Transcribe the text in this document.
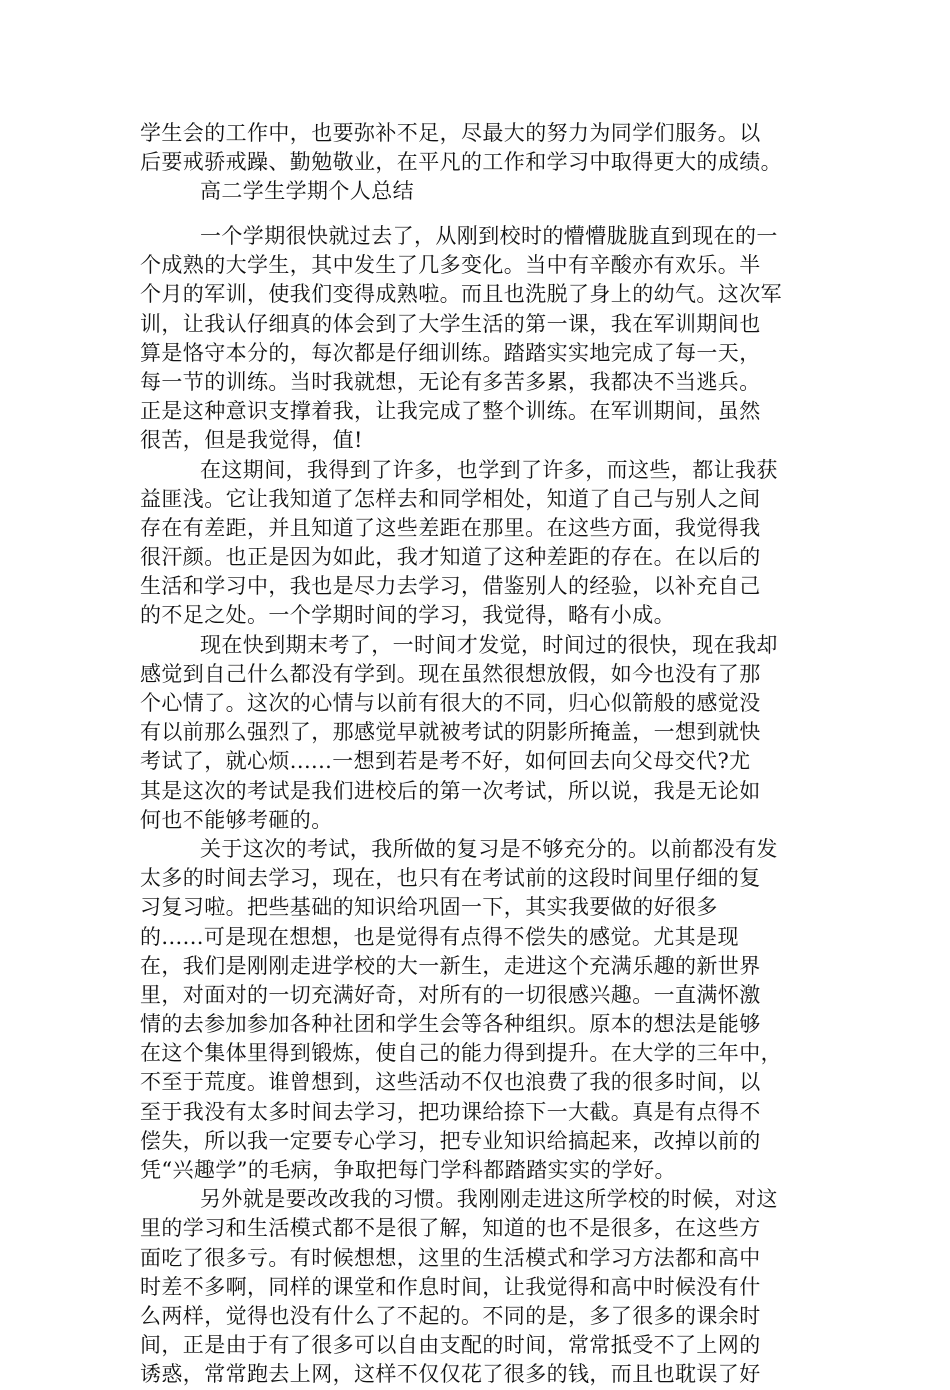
学生会的工作中，也要弥补不足，尽最大的努力为同学们服务。以
后要戒骄戒躁、勤勉敬业，在平凡的工作和学习中取得更大的成绩。
高二学生学期个人总结
一个学期很快就过去了，从刚到校时的懵懵胧胧直到现在的一
个成熟的大学生，其中发生了几多变化。当中有辛酸亦有欢乐。半
个月的军训，使我们变得成熟啦。而且也洗脱了身上的幼气。这次军
训，让我认仔细真的体会到了大学生活的第一课，我在军训期间也
算是恪守本分的，每次都是仔细训练。踏踏实实地完成了每一天，
每一节的训练。当时我就想，无论有多苦多累，我都决不当逃兵。
正是这种意识支撑着我，让我完成了整个训练。在军训期间，虽然
很苦，但是我觉得，值!
在这期间，我得到了许多，也学到了许多，而这些，都让我获
益匪浅。它让我知道了怎样去和同学相处，知道了自己与别人之间
存在有差距，并且知道了这些差距在那里。在这些方面，我觉得我
很汗颜。也正是因为如此，我才知道了这种差距的存在。在以后的
生活和学习中，我也是尽力去学习，借鉴别人的经验，以补充自己
的不足之处。一个学期时间的学习，我觉得，略有小成。
现在快到期末考了，一时间才发觉，时间过的很快，现在我却
感觉到自己什么都没有学到。现在虽然很想放假，如今也没有了那
个心情了。这次的心情与以前有很大的不同，归心似箭般的感觉没
有以前那么强烈了，那感觉早就被考试的阴影所掩盖，一想到就快
考试了，就心烦......一想到若是考不好，如何回去向父母交代?尤
其是这次的考试是我们进校后的第一次考试，所以说，我是无论如
何也不能够考砸的。
关于这次的考试，我所做的复习是不够充分的。以前都没有发
太多的时间去学习，现在，也只有在考试前的这段时间里仔细的复
习复习啦。把些基础的知识给巩固一下，其实我要做的好很多
的......可是现在想想，也是觉得有点得不偿失的感觉。尤其是现
在，我们是刚刚走进学校的大一新生，走进这个充满乐趣的新世界
里，对面对的一切充满好奇，对所有的一切很感兴趣。一直满怀激
情的去参加参加各种社团和学生会等各种组织。原本的想法是能够
在这个集体里得到锻炼，使自己的能力得到提升。在大学的三年中，
不至于荒度。谁曾想到，这些活动不仅也浪费了我的很多时间，以
至于我没有太多时间去学习，把功课给捺下一大截。真是有点得不
偿失，所以我一定要专心学习，把专业知识给搞起来，改掉以前的
凭“兴趣学”的毛病，争取把每门学科都踏踏实实的学好。
另外就是要改改我的习惯。我刚刚走进这所学校的时候，对这
里的学习和生活模式都不是很了解，知道的也不是很多，在这些方
面吃了很多亏。有时候想想，这里的生活模式和学习方法都和高中
时差不多啊，同样的课堂和作息时间，让我觉得和高中时候没有什
么两样，觉得也没有什么了不起的。不同的是，多了很多的课余时
间，正是由于有了很多可以自由支配的时间，常常抵受不了上网的
诱惑，常常跑去上网，这样不仅仅花了很多的钱，而且也耽误了好
